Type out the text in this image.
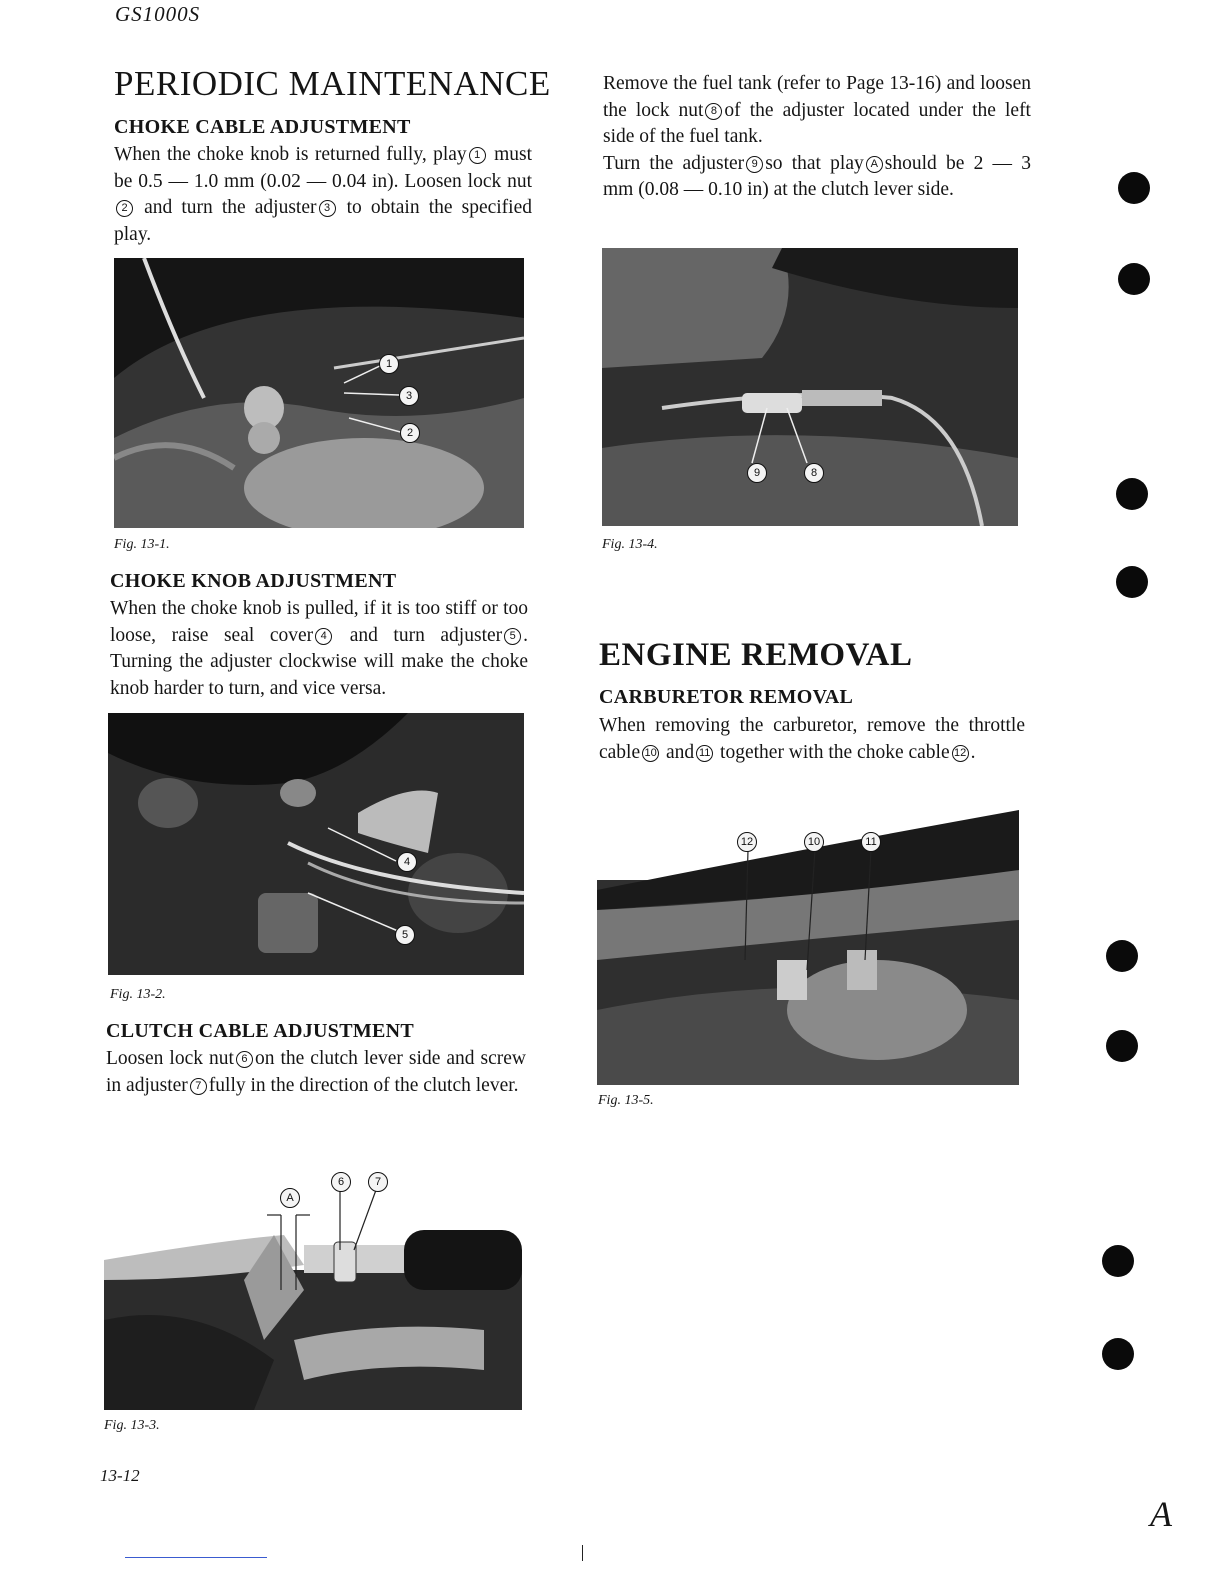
GS1000S
PERIODIC MAINTENANCE
CHOKE CABLE ADJUSTMENT
When the choke knob is returned fully, play 1 must be 0.5 — 1.0 mm (0.02 — 0.04 in). Loosen lock nut2 and turn the adjuster 3 to obtain the specified play.
1
3
2
Fig. 13-1.
CHOKE KNOB ADJUSTMENT
When the choke knob is pulled, if it is too stiff or too loose, raise seal cover 4 and turn adjuster 5 . Turning the adjuster clockwise will make the choke knob harder to turn, and vice versa.
4
5
Fig. 13-2.
CLUTCH CABLE ADJUSTMENT
Loosen lock nut 6 on the clutch lever side and screw in adjuster 7 fully in the direction of the clutch lever.
A
6	7
Fig. 13-3.
Remove the fuel tank (refer to Page 13-16) and loosen the lock nut 8 of the adjuster located under the left side of the fuel tank.
Turn the adjuster 9 so that play A should be 2 — 3 mm (0.08 — 0.10 in) at the clutch lever side.
9	8
Fig. 13-4.
ENGINE REMOVAL
CARBURETOR REMOVAL
When removing the carburetor, remove the throttle cable 10 and 11 together with the choke cable 12 .
12	10	11
Fig. 13-5.
13-12
A
